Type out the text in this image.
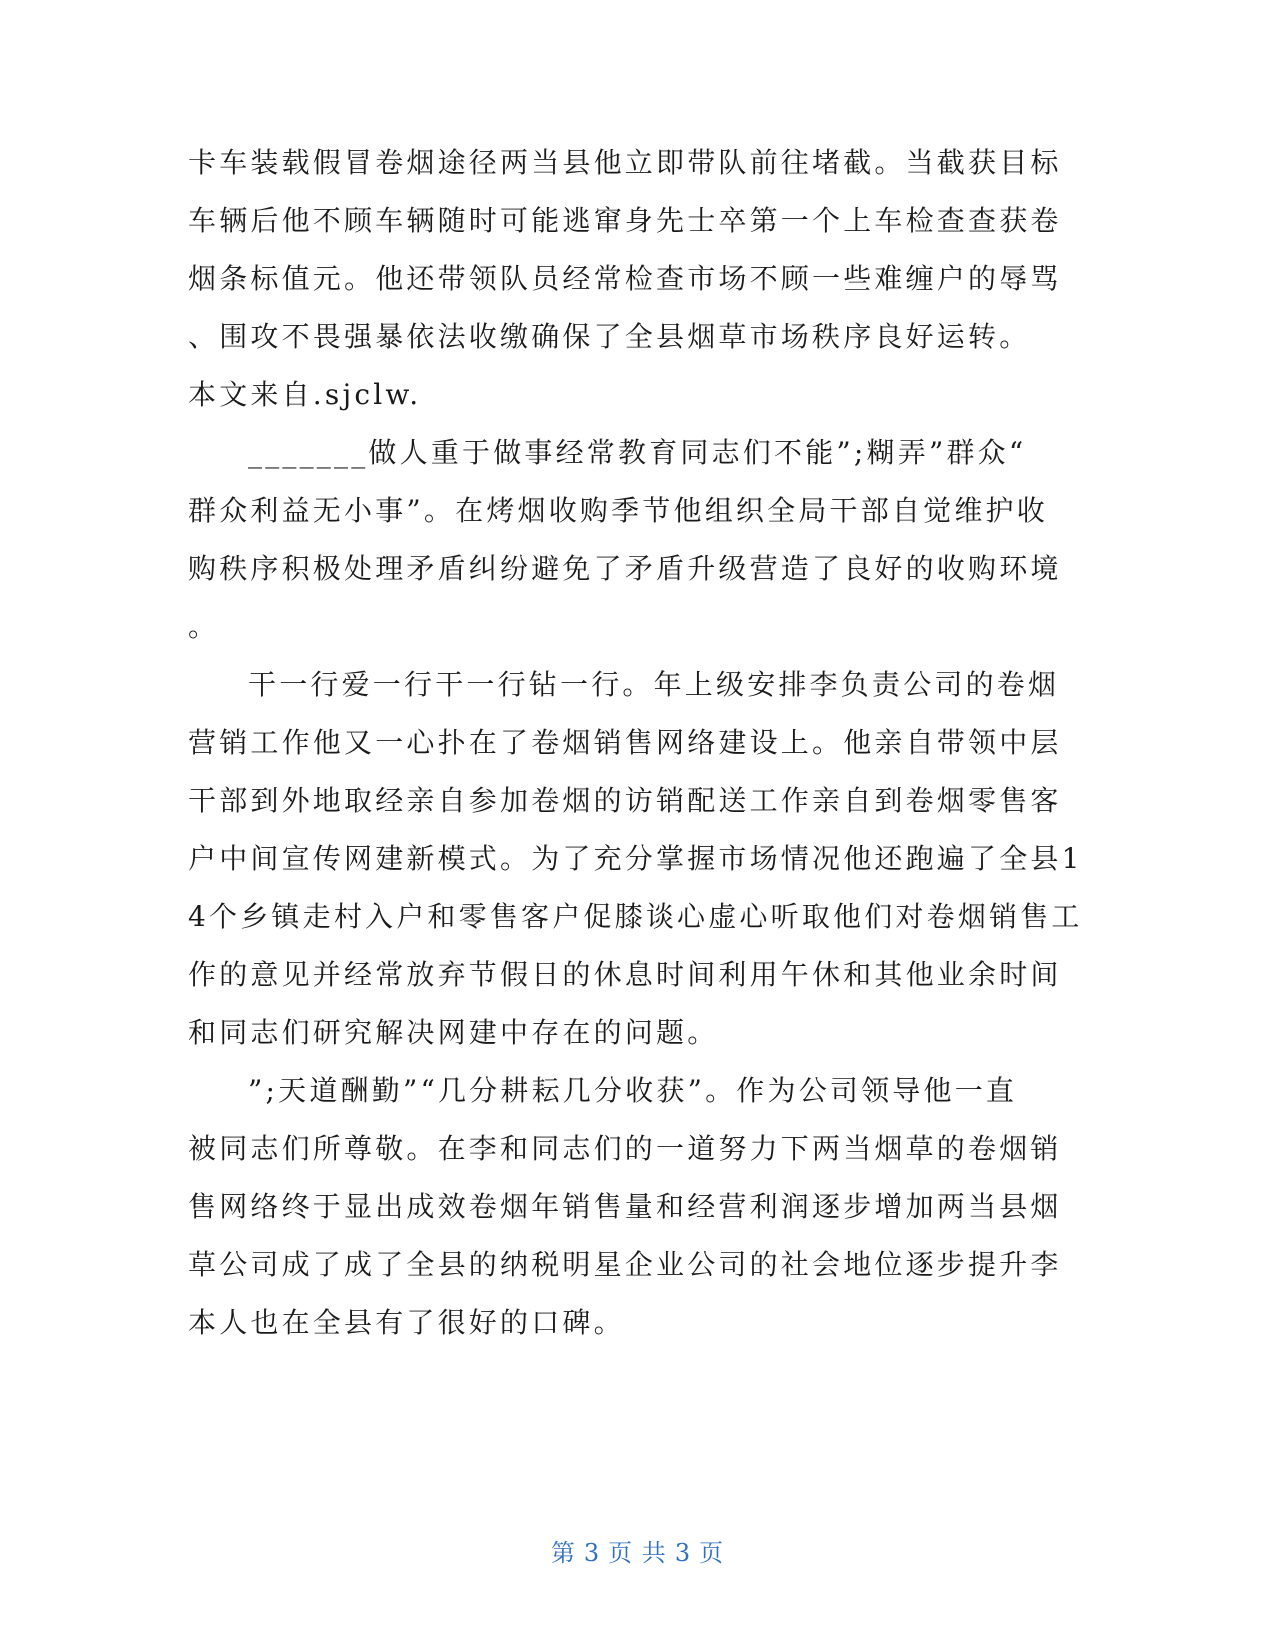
卡车装载假冒卷烟途径两当县他立即带队前往堵截。当截获目标
车辆后他不顾车辆随时可能逃窜身先士卒第一个上车检查查获卷
烟条标值元。他还带领队员经常检查市场不顾一些难缠户的辱骂
、围攻不畏强暴依法收缴确保了全县烟草市场秩序良好运转。
本文来自.sjclw.
_______做人重于做事经常教育同志们不能”;糊弄”群众“
群众利益无小事”。在烤烟收购季节他组织全局干部自觉维护收
购秩序积极处理矛盾纠纷避免了矛盾升级营造了良好的收购环境
。
干一行爱一行干一行钻一行。年上级安排李负责公司的卷烟
营销工作他又一心扑在了卷烟销售网络建设上。他亲自带领中层
干部到外地取经亲自参加卷烟的访销配送工作亲自到卷烟零售客
户中间宣传网建新模式。为了充分掌握市场情况他还跑遍了全县1
4个乡镇走村入户和零售客户促膝谈心虚心听取他们对卷烟销售工
作的意见并经常放弃节假日的休息时间利用午休和其他业余时间
和同志们研究解决网建中存在的问题。
”;天道酬勤”“几分耕耘几分收获”。作为公司领导他一直
被同志们所尊敬。在李和同志们的一道努力下两当烟草的卷烟销
售网络终于显出成效卷烟年销售量和经营利润逐步增加两当县烟
草公司成了成了全县的纳税明星企业公司的社会地位逐步提升李
本人也在全县有了很好的口碑。
第 3 页 共 3 页
